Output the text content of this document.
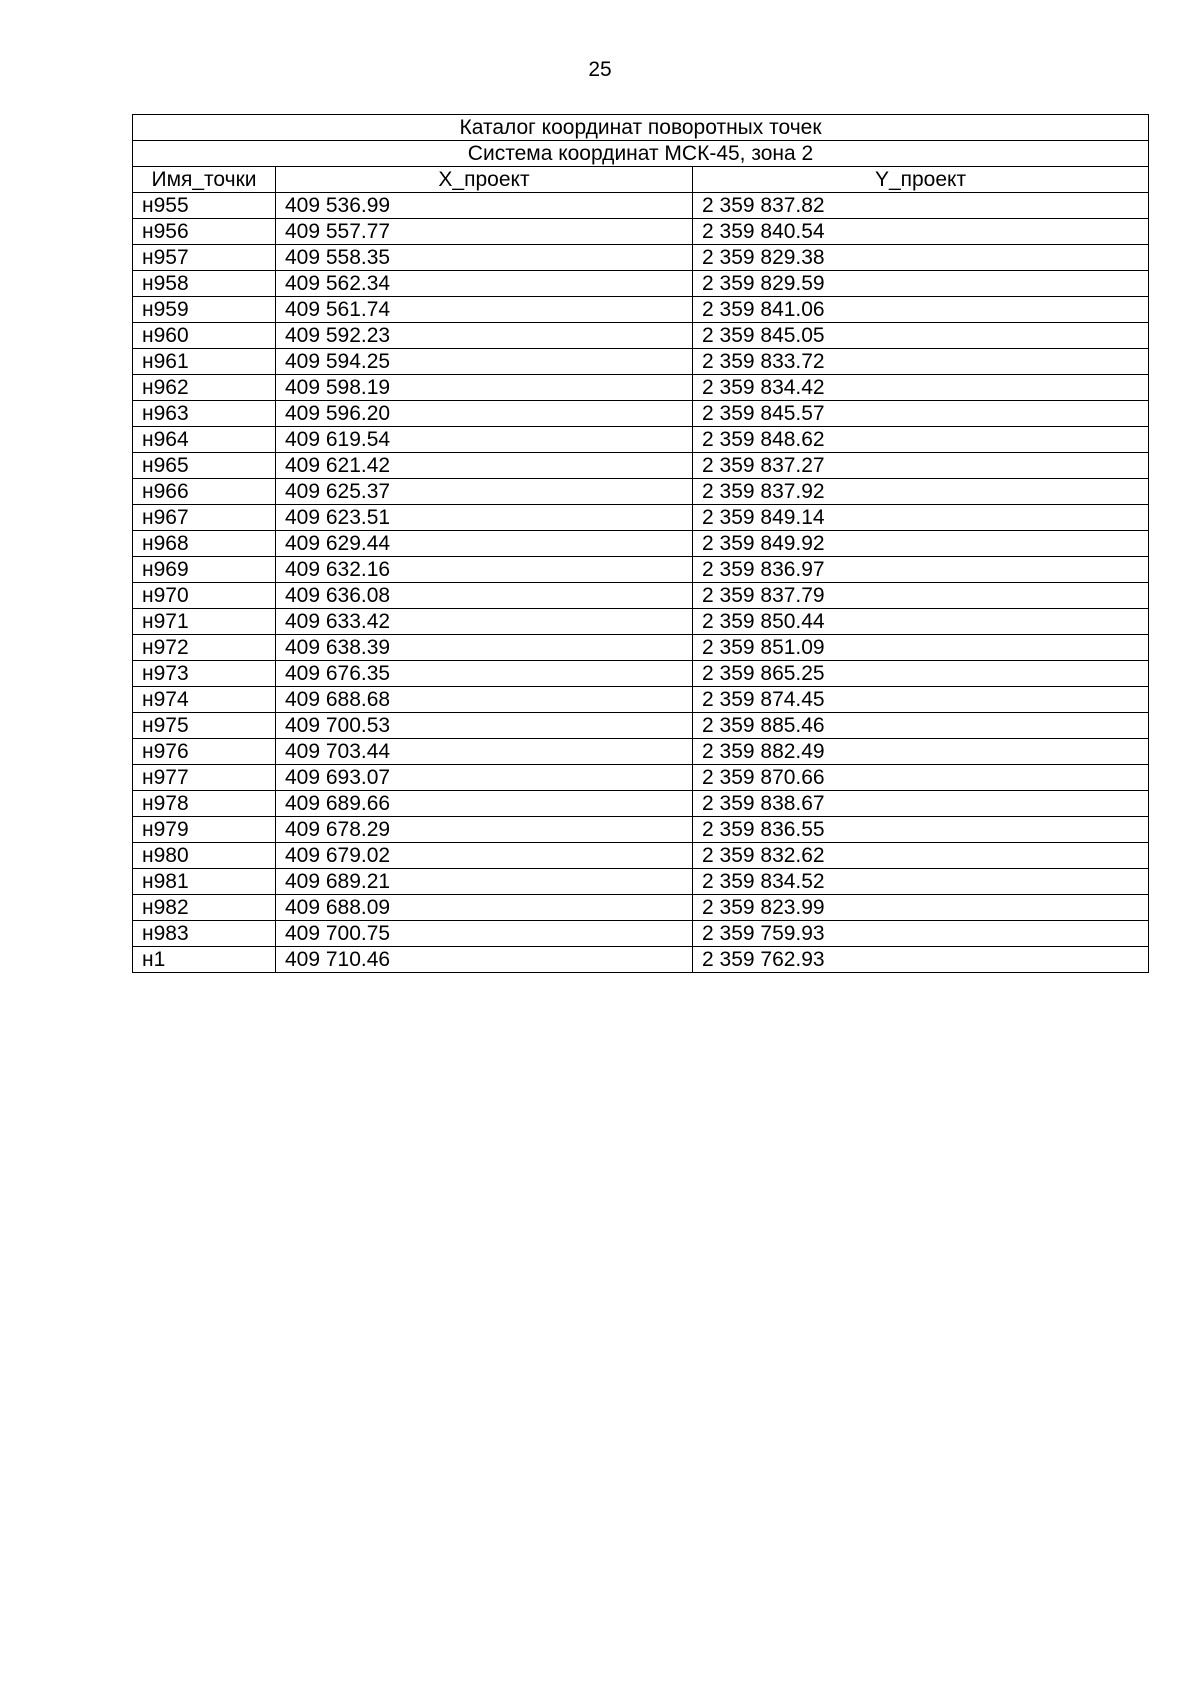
25
Каталог координат поворотных точек		
Система координат МСК-45, зона 2		
Имя_точки	X_проект	Y_проект
н955	409 536.99	2 359 837.82
н956	409 557.77	2 359 840.54
н957	409 558.35	2 359 829.38
н958	409 562.34	2 359 829.59
н959	409 561.74	2 359 841.06
н960	409 592.23	2 359 845.05
н961	409 594.25	2 359 833.72
н962	409 598.19	2 359 834.42
н963	409 596.20	2 359 845.57
н964	409 619.54	2 359 848.62
н965	409 621.42	2 359 837.27
н966	409 625.37	2 359 837.92
н967	409 623.51	2 359 849.14
н968	409 629.44	2 359 849.92
н969	409 632.16	2 359 836.97
н970	409 636.08	2 359 837.79
н971	409 633.42	2 359 850.44
н972	409 638.39	2 359 851.09
н973	409 676.35	2 359 865.25
н974	409 688.68	2 359 874.45
н975	409 700.53	2 359 885.46
н976	409 703.44	2 359 882.49
н977	409 693.07	2 359 870.66
н978	409 689.66	2 359 838.67
н979	409 678.29	2 359 836.55
н980	409 679.02	2 359 832.62
н981	409 689.21	2 359 834.52
н982	409 688.09	2 359 823.99
н983	409 700.75	2 359 759.93
н1	409 710.46	2 359 762.93
